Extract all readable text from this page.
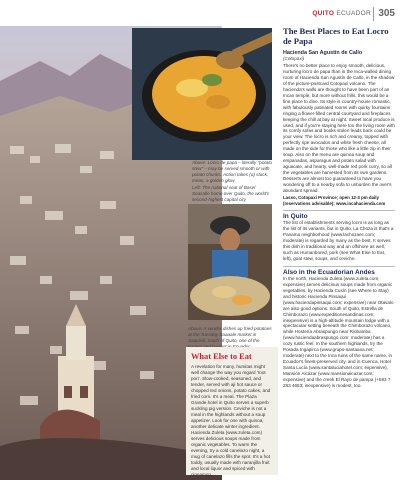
QUITO ECUADOR 305
Above: Locro de papa – literally "potato stew" – may be served smooth or with potato chunks. Action takes (a) stock, mean, a golden glow
Left: The national seat of Basel Seasalle home over Quito, the world's second-highest capital city
Above: A vendor dishes up fried potatoes at the Tuesday Saaaale market in Saquisilí, south of Quito, one of the
What Else to Eat
A revelation for many, humitas might well change the way you regard 'root pori'. Slow-cooked, seasoned, and tender, served with aji hot sauce or chopped red onions, potato cakes, and fried corn. It's a meal. The Plaza Grande hotel in Quito serves a superb suckling pig version. Ceviche is not a meal in the highlands without a soup appetizer. Look for one with quinoa, another delicate winter ingredient. Hacienda Zuleta (www.zuleta.com) serves delicious soups made from organic vegetables. To warm the evening, try a cold canelazo night, a mug of canelazo fills the spot. It's a hot toddy, usually made with naranjilla fruit and local liquor and spiced with cinnamon.
The Best Places to Eat Locro de Papa
Hacienda San Agustín de Callo
(Cotopaxi)
There's no better place to enjoy smooth, delicious, nurturing locro de papa than in the Inca-walled dining room of Hacienda San Agustín de Callo, in the shadow of the picture-postcard Cotopaxi volcano. The hacienda's walls are thought to have been part of an Incan temple, but more without frills, this would be a fine place to dine. Its style is country-house romantic, with fabulously patinated rooms with quirky fountains ringing a flower-filled central courtyard and fireplaces keeping the chill at bay at night. Sweet local produce is used, and if you're staying here too the living room with its comfy sofas and books stolen leads back could be your view. The locro is rich and creamy, topped with perfectly ripe avocados and white fresh cheese, all made on the side for those who like a little zip in their soup. Also on the menu are quinoa soup and empanadas, asparagus and potato salad with aguacate, and hearty, well-made red pork curry, so all the vegetables are harvested from its own gardens. Desserts are almost too guaranteed to have you wondering off to a nearby sofa to unburden the over's abundant spread.
Lasso, Cotopaxi Province; open 12-3 pm daily (reservations advisable); www.incahacienda.com
In Quito
The list of establishments serving locro is as long as the list of its variants, but in Quito, La Choza is that's a Panama neighborhood (www.lachozaec.com; moderate) is regarded by many as the best. It serves this dish in traditional way and an offshore as well, such as Humanbored, pork (see What Else to Eat, left), goat stew, soups, and ceviche.
Also in the Ecuadorian Andes
In the north, Hacienda Zuleta (www.zuleta.com; expensive) serves delicious soups made from organic vegetables, by Hacienda Cusín (see Where to Stay) and historic Hacienda Pinsaquí (www.haciendapinsaqui.com; expensive) near Otavalo are also good options. South of Quito, Estrella de Chimborazo (www.expeditionesandinas.com; inexpensive) is a high-altitude mountain lodge with a spectacular setting beneath the Chimborazo volcano, while Hostería Abraspungo near Riobamba (www.haciendaabraspungo.com; moderate) has a cozy rustic feel. In the southern highlands, try the Posada Ingapirca (www.grupo-santaana.net; moderate) next to the Inca ruins of the same name, in Ecuador's finest-preserved city, and in Cuenca, Hotel Santa Lucía (www.santaluciahotel.com; expensive), Mansión Alcázar (www.mansionalcazar.com; expensive) and the creek El Rayo de pampa (+593 7 283 4653; inexpensive) is modest, too.
